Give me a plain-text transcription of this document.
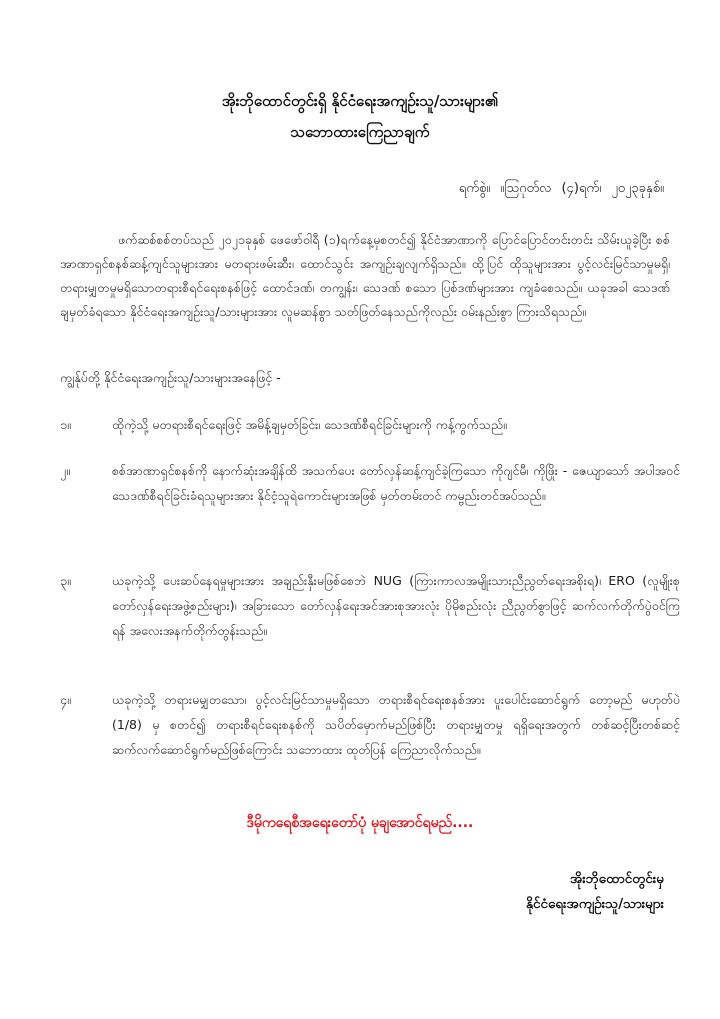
အိုးဘိုထောင်တွင်းရှိ နိုင်ငံရေးအကျဉ်းသူ/သားများ၏
သဘောထားကြေညာချက်
ရက်စွဲ။ ။ဩဂုတ်လ (၄)ရက်၊ ၂၀၂၃ခုနှစ်။
ဖက်ဆစ်စစ်တပ်သည် ၂၀၂၁ခုနှစ် ဖေဖော်ဝါရီ (၁)ရက်နေ့မှစတင်၍ နိုင်ငံအာဏာကို ပြောင်ပြောင်တင်းတင်း သိမ်းယူခဲ့ပြီး စစ်အာဏာရှင်စနစ်ဆန့်ကျင်သူများအား မတရားဖမ်းဆီး၊ ထောင်သွင်း အကျဉ်းချလျက်ရှိသည်။ ထို့ပြင် ထိုသူများအား ပွင့်လင်းမြင်သာမှုမရှိ၊ တရားမျှတမှုမရှိသောတရားစီရင်ရေးစနစ်ဖြင့် ထောင်ဒဏ်၊ တကျွန်း၊ သေဒဏ် စသော ပြစ်ဒဏ်များအား ကျခံစေသည်။ ယခုအခါ သေဒဏ်ချမှတ်ခံရသော နိုင်ငံရေးအကျဉ်းသူ/သားများအား လူမဆန်စွာ သတ်ဖြတ်နေသည်ကိုလည်း ဝမ်းနည်းစွာ ကြားသိရသည်။
ကျွန်ုပ်တို့ နိုင်ငံရေးအကျဉ်းသူ/သားများအနေဖြင့် -
၁။	ထိုကဲ့သို့ မတရားစီရင်ရေးဖြင့် အမိန့်ချမှတ်ခြင်း၊ သေဒဏ်စီရင်ခြင်းများကို ကန့်ကွက်သည်။
၂။	စစ်အာဏာရှင်စနစ်ကို နောက်ဆုံးအချိန်ထိ အသက်ပေး တော်လှန်ဆန့်ကျင်ခဲ့ကြသော ကိုဂျင်မီ၊ ကိုဖြိုး - ဇေယျာသော် အပါအဝင် သေဒဏ်စီရင်ခြင်းခံရသူများအား နိုင်ငံ့သူရဲကောင်းများအဖြစ် မှတ်တမ်းတင် ကမ္ဗည်းတင်အပ်သည်။
၃။	ယခုကဲ့သို့ ပေးဆပ်နေရမှုများအား အချည်းနှီးမဖြစ်စေဘဲ NUG (ကြားကာလအမျိုးသားညီညွတ်ရေးအစိုးရ)၊ ERO (လူမျိုးစုတော်လှန်ရေးအဖွဲ့စည်းများ)၊ အခြားသော တော်လှန်ရေးအင်အားစုအားလုံး ပိုမိုစည်းလုံး ညီညွတ်စွာဖြင့် ဆက်လက်တိုက်ပွဲဝင်ကြရန် အလေးအနက်တိုက်တွန်းသည်။
၄။	ယခုကဲ့သို့ တရားမမျှတသော၊ ပွင့်လင်းမြင်သာမှုမရှိသော တရားစီရင်ရေးစနစ်အား ပူးပေါင်းဆောင်ရွက် တော့မည် မဟုတ်ပဲ (1/8) မှ စတင်၍ တရားစီရင်ရေးစနစ်ကို သပိတ်မှောက်မည်ဖြစ်ပြီး တရားမျှတမှု ရရှိရေးအတွက် တစ်ဆင့်ပြီးတစ်ဆင့် ဆက်လက်ဆောင်ရွက်မည်ဖြစ်ကြောင်း သဘောထား ထုတ်ပြန် ကြေညာလိုက်သည်။
ဒီမိုကရေစီအရေးတော်ပုံ မုချအောင်ရမည်....
အိုးဘိုထောင်တွင်းမှ
နိုင်ငံရေးအကျဉ်းသူ/သားများ
